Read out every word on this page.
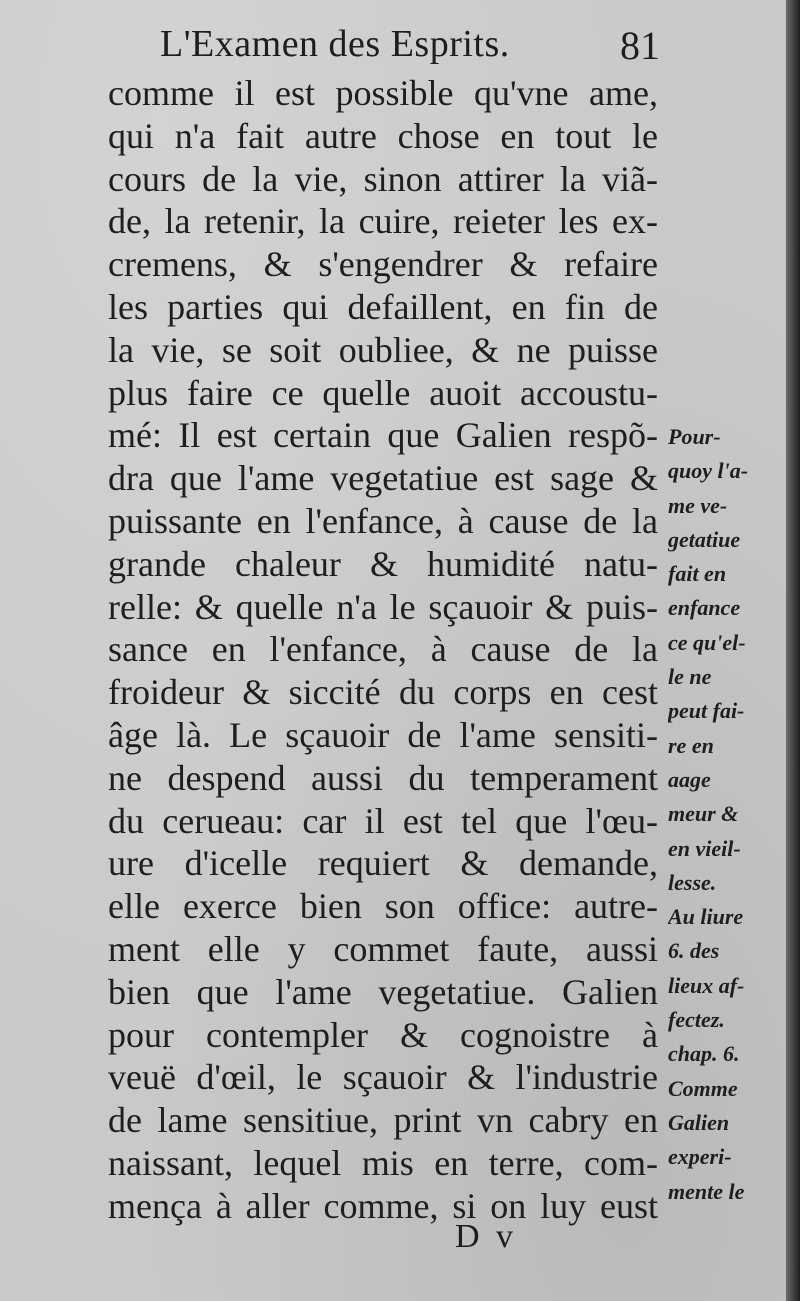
L'Examen des Esprits.	81
comme il est possible qu'vne ame,
qui n'a fait autre chose en tout le
cours de la vie, sinon attirer la viã-
de, la retenir, la cuire, reieter les ex-
cremens, & s'engendrer & refaire
les parties qui defaillent, en fin de
la vie, se soit oubliee, & ne puisse
plus faire ce quelle auoit accoustu-
mé: Il est certain que Galien respõ-
dra que l'ame vegetatiue est sage &
puissante en l'enfance, à cause de la
grande chaleur & humidité natu-
relle: & quelle n'a le sçauoir & puis-
sance en l'enfance, à cause de la
froideur & siccité du corps en cest
âge là. Le sçauoir de l'ame sensiti-
ne despend aussi du temperament
du cerueau: car il est tel que l'œu-
ure d'icelle requiert & demande,
elle exerce bien son office: autre-
ment elle y commet faute, aussi
bien que l'ame vegetatiue. Galien
pour contempler & cognoistre à
veuë d'œil, le sçauoir & l'industrie
de lame sensitiue, print vn cabry en
naissant, lequel mis en terre, com-
mença à aller comme, si on luy eust
Pour-
quoy l'a-
me ve-
getatiue
fait en
enfance
ce qu'el-
le ne
peut fai-
re en
aage
meur &
en vieil-
lesse.
Au liure
6. des
lieux af-
fectez.
chap. 6.
Comme
Galien
experi-
mente le
D v
